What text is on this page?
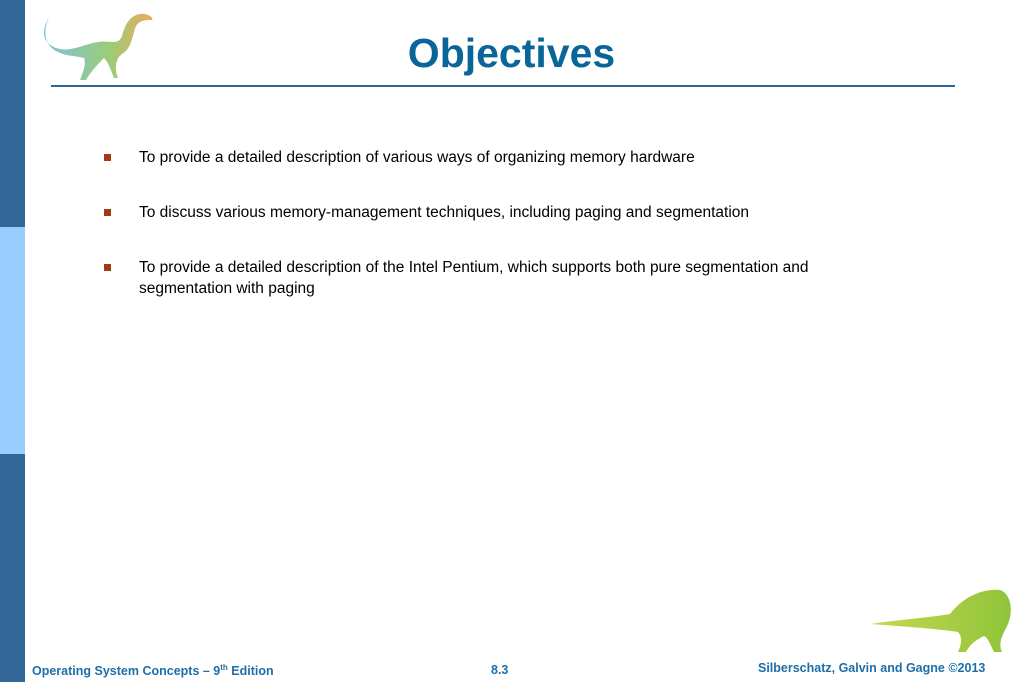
Objectives
To provide a detailed description of various ways of organizing memory hardware
To discuss various memory-management techniques, including paging and segmentation
To provide a detailed description of the Intel Pentium, which supports both pure segmentation and segmentation with paging
Operating System Concepts – 9th Edition	8.3	Silberschatz, Galvin and Gagne ©2013
